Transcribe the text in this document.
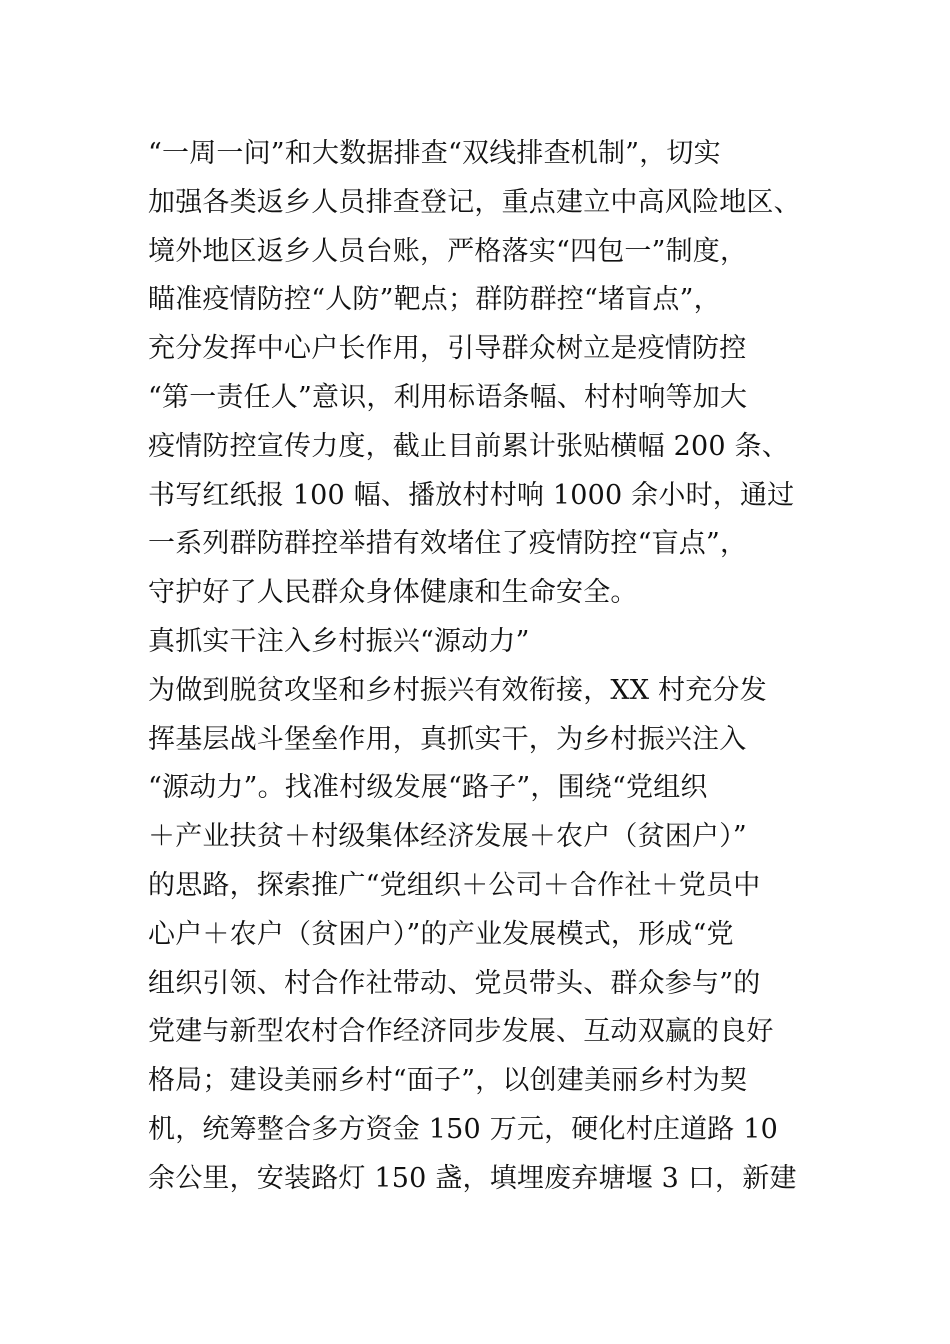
“一周一问”和大数据排查“双线排查机制”，切实
加强各类返乡人员排查登记，重点建立中高风险地区、
境外地区返乡人员台账，严格落实“四包一”制度，
瞄准疫情防控“人防”靶点；群防群控“堵盲点”，
充分发挥中心户长作用，引导群众树立是疫情防控
“第一责任人”意识，利用标语条幅、村村响等加大
疫情防控宣传力度，截止目前累计张贴横幅 200 条、
书写红纸报 100 幅、播放村村响 1000 余小时，通过
一系列群防群控举措有效堵住了疫情防控“盲点”，
守护好了人民群众身体健康和生命安全。
真抓实干注入乡村振兴“源动力”
为做到脱贫攻坚和乡村振兴有效衔接，XX 村充分发
挥基层战斗堡垒作用，真抓实干，为乡村振兴注入
“源动力”。找准村级发展“路子”，围绕“党组织
＋产业扶贫＋村级集体经济发展＋农户（贫困户）”
的思路，探索推广“党组织＋公司＋合作社＋党员中
心户＋农户（贫困户）”的产业发展模式，形成“党
组织引领、村合作社带动、党员带头、群众参与”的
党建与新型农村合作经济同步发展、互动双赢的良好
格局；建设美丽乡村“面子”，以创建美丽乡村为契
机，统筹整合多方资金 150 万元，硬化村庄道路 10
余公里，安装路灯 150 盏，填埋废弃塘堰 3 口，新建
